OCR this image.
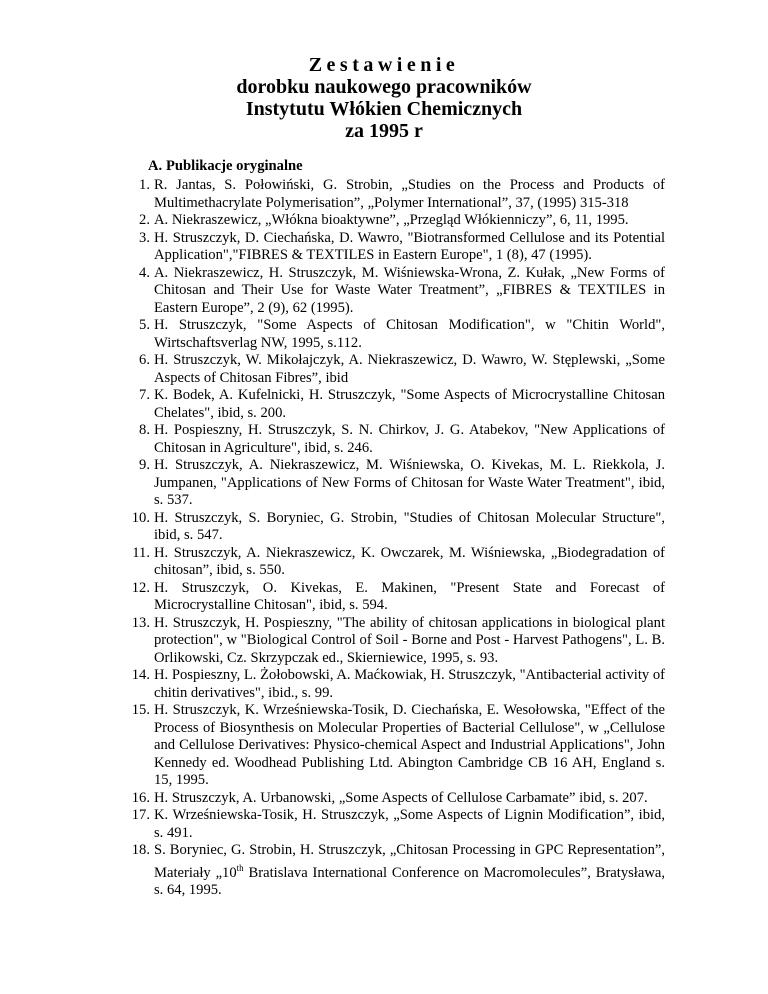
Zestawienie
dorobku naukowego pracowników
Instytutu Włókien Chemicznych
za 1995 r
A. Publikacje oryginalne
1 . R. Jantas, S. Połowiński, G. Strobin, „Studies on the Process and Products of Multimethacrylate Polymerisation”, „Polymer International”, 37, (1995) 315-318
2 . A. Niekraszewicz, „Włókna bioaktywne”, „Przegląd Włókienniczy”, 6, 11, 1995.
3 . H. Struszczyk, D. Ciechańska, D. Wawro, "Biotransformed Cellulose and its Potential Application","FIBRES & TEXTILES in Eastern Europe", 1 (8), 47 (1995).
4 . A. Niekraszewicz, H. Struszczyk, M. Wiśniewska-Wrona, Z. Kułak, „New Forms of Chitosan and Their Use for Waste Water Treatment”, „FIBRES & TEXTILES in Eastern Europe”, 2 (9), 62 (1995).
5 . H. Struszczyk, "Some Aspects of Chitosan Modification", w "Chitin World", Wirtschaftsverlag NW, 1995, s.112.
6 . H. Struszczyk, W. Mikołajczyk, A. Niekraszewicz, D. Wawro, W. Stęplewski, „Some Aspects of Chitosan Fibres”, ibid
7 . K. Bodek, A. Kufelnicki, H. Struszczyk, "Some Aspects of Microcrystalline Chitosan Chelates", ibid, s. 200.
8 . H. Pospieszny, H. Struszczyk, S. N. Chirkov, J. G. Atabekov, "New Applications of Chitosan in Agriculture", ibid, s. 246.
9 . H. Struszczyk, A. Niekraszewicz, M. Wiśniewska, O. Kivekas, M. L. Riekkola, J. Jumpanen, "Applications of New Forms of Chitosan for Waste Water Treatment", ibid, s. 537.
10 . H. Struszczyk, S. Boryniec, G. Strobin, "Studies of Chitosan Molecular Structure", ibid, s. 547.
11 . H. Struszczyk, A. Niekraszewicz, K. Owczarek, M. Wiśniewska, „Biodegradation of chitosan”, ibid, s. 550.
12 . H. Struszczyk, O. Kivekas, E. Makinen, "Present State and Forecast of Microcrystalline Chitosan", ibid, s. 594.
13 . H. Struszczyk, H. Pospieszny, "The ability of chitosan applications in biological plant protection", w "Biological Control of Soil - Borne and Post - Harvest Pathogens", L. B. Orlikowski, Cz. Skrzypczak ed., Skierniewice, 1995, s. 93.
14 . H. Pospieszny, L. Żołobowski, A. Maćkowiak, H. Struszczyk, "Antibacterial activity of chitin derivatives", ibid., s. 99.
15 . H. Struszczyk, K. Wrześniewska-Tosik, D. Ciechańska, E. Wesołowska, "Effect of the Process of Biosynthesis on Molecular Properties of Bacterial Cellulose", w „Cellulose and Cellulose Derivatives: Physico-chemical Aspect and Industrial Applications", John Kennedy ed. Woodhead Publishing Ltd. Abington Cambridge CB 16 AH, England s. 15, 1995.
16 . H. Struszczyk, A. Urbanowski, „Some Aspects of Cellulose Carbamate” ibid, s. 207.
17 . K. Wrześniewska-Tosik, H. Struszczyk, „Some Aspects of Lignin Modification”, ibid, s. 491.
18 . S. Boryniec, G. Strobin, H. Struszczyk, „Chitosan Processing in GPC Representation”, Materiały „10th Bratislava International Conference on Macromolecules”, Bratysława, s. 64, 1995.
